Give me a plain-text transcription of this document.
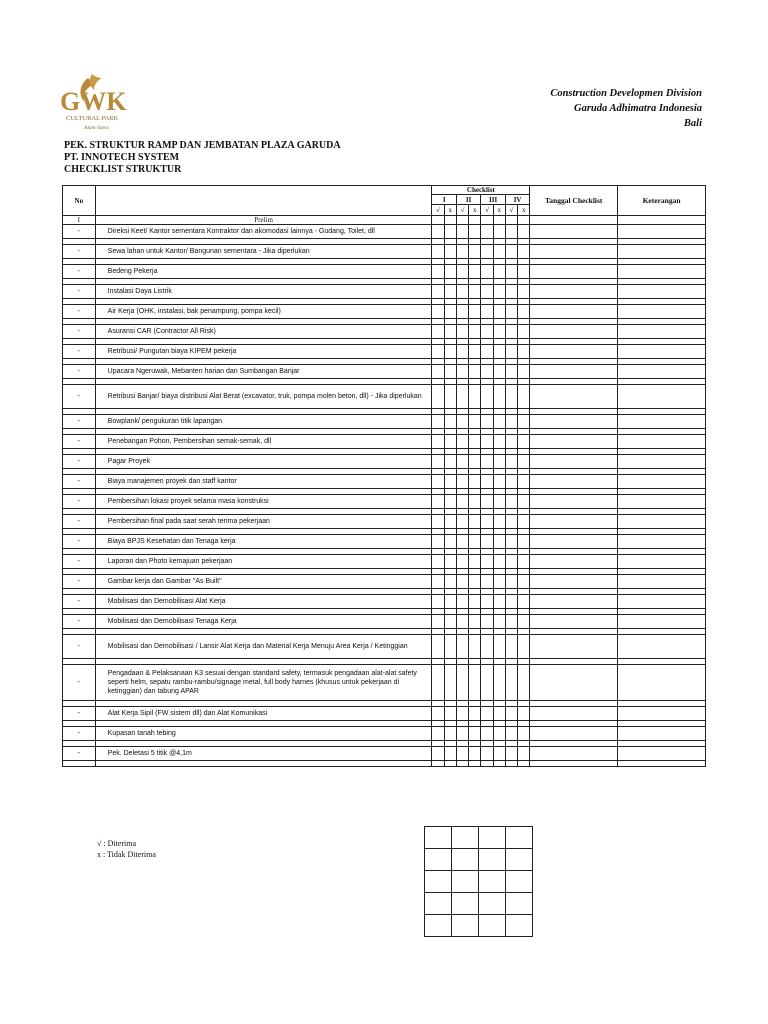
GWK
CULTURAL PARK
Alam Sutra
Construction Developmen Division
Garuda Adhimatra Indonesia
Bali
PEK. STRUKTUR RAMP DAN JEMBATAN PLAZA GARUDA
PT. INNOTECH SYSTEM
CHECKLIST STRUKTUR
No		Checklist								Tanggal Checklist	Keterangan
		I		II		III		IV			
		√	x	√	x	√	x	√	x		
I	Prelim										
-	Direksi Keet/ Kantor sementara Kontraktor dan akomodasi lainnya - Gudang, Toilet, dll										

-	Sewa lahan untuk Kantor/ Bangunan sementara - Jika diperlukan										

-	Bedeng Pekerja										

-	Instalasi Daya Listrik										

-	Air Kerja (OHK, instalasi, bak penampung, pompa kecil)										

-	Asuransi CAR (Contractor All Risk)										

-	Retribusi/ Pungutan biaya KIPEM pekerja										

-	Upacara Ngeruwak, Mebanten harian dan Sumbangan Banjar										

-	Retribusi Banjar/ biaya distribusi Alat Berat (excavator, truk, pompa molen beton, dll) - Jika diperlukan										

-	Bowplank/ pengukuran titik lapangan										

-	Penebangan Pohon, Pembersihan semak-semak, dll										

-	Pagar Proyek										

-	Biaya manajemen proyek dan staff kantor										

-	Pembersihan lokasi proyek selama masa konstruksi										

-	Pembersihan final pada saat serah terima pekerjaan										

-	Biaya BPJS Kesehatan dan Tenaga kerja										

-	Laporan dan Photo kemajuan pekerjaan										

-	Gambar kerja dan Gambar "As Built"										

-	Mobilisasi dan Demobilisasi Alat Kerja										

-	Mobilisasi dan Demobilisasi Tenaga Kerja										

-	Mobilisasi dan Demobilisasi / Lansir Alat Kerja dan Material Kerja Menuju Area Kerja / Ketinggian										

-	Pengadaan & Pelaksanaan K3 sesuai dengan standard safety, termasuk pengadaan alat-alat safety seperti helm, sepatu rambu-rambu/signage metal, full body harnes (khusus untuk pekerjaan di ketinggian) dan tabung APAR										

-	Alat Kerja Sipil (FW sistem dll) dan Alat Komunikasi										

-	Kupasan tanah tebing										

-	Pek. Deletasi 5 titik @4,1m										

√ : Diterima
x : Tidak Diterima
